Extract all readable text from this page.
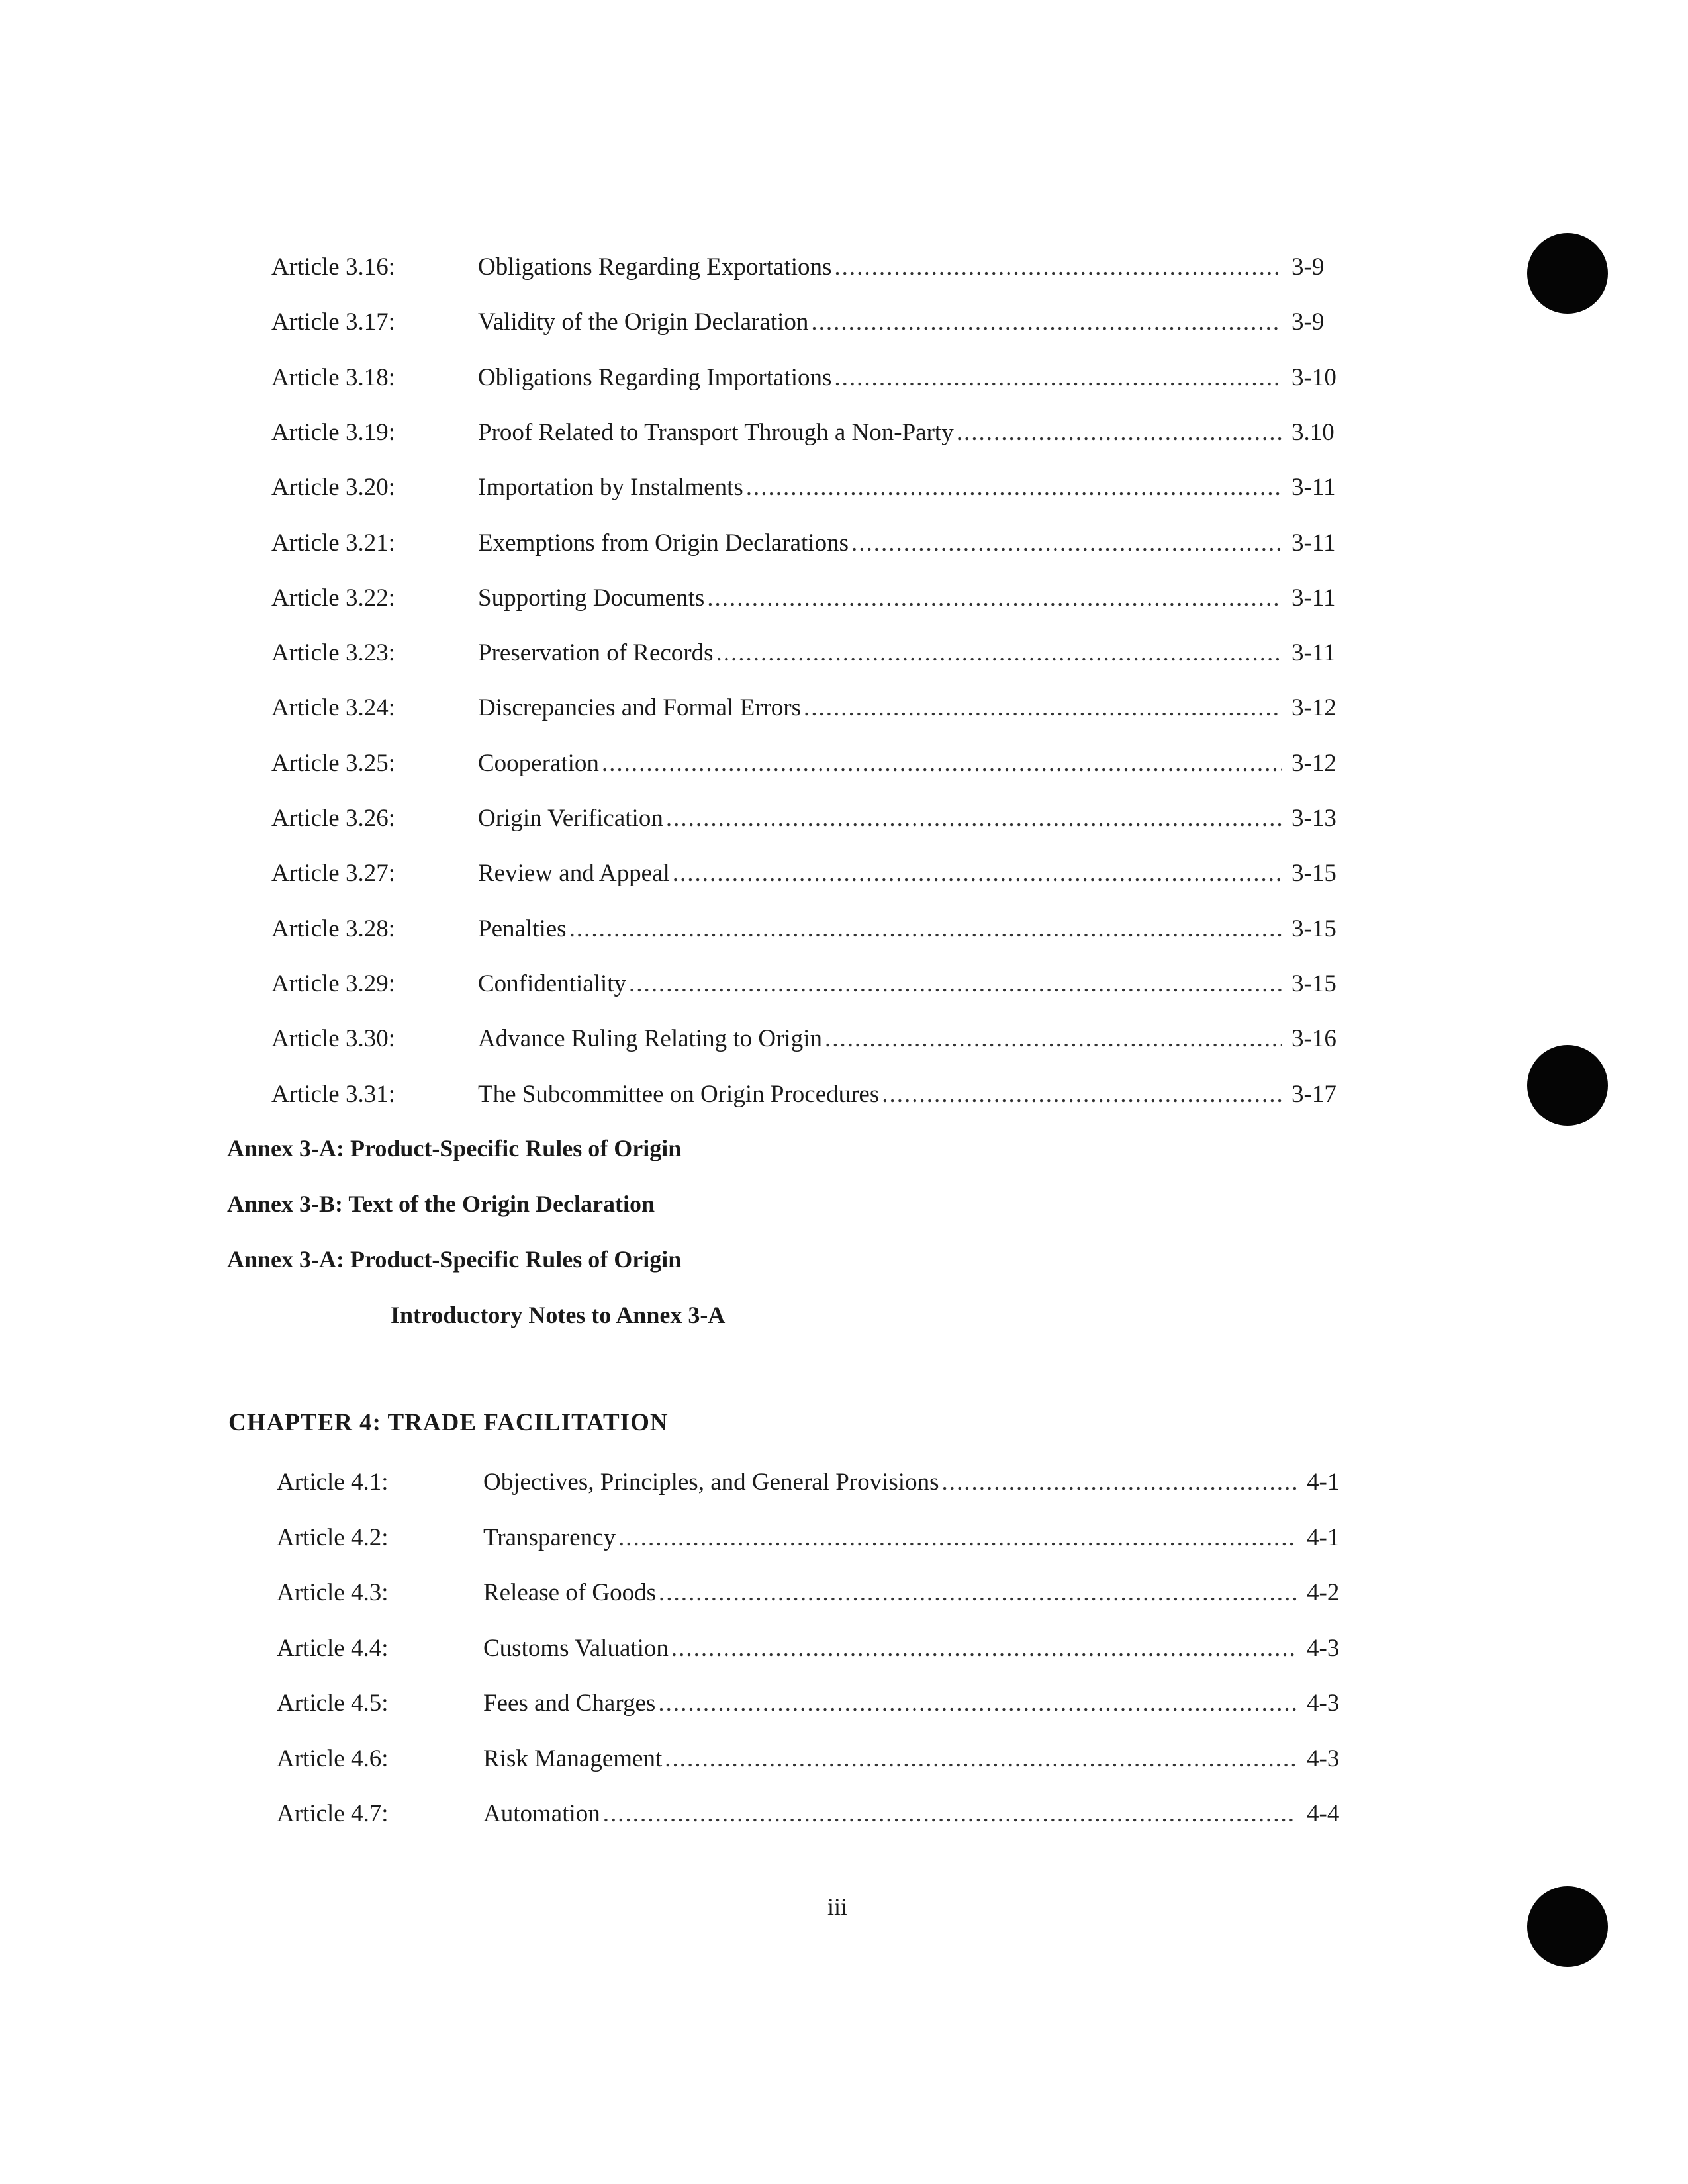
Article 3.16:	Obligations Regarding Exportations .....	3-9
Article 3.17:	Validity of the Origin Declaration .....	3-9
Article 3.18:	Obligations Regarding Importations .....	3-10
Article 3.19:	Proof Related to Transport Through a Non-Party .....	3.10
Article 3.20:	Importation by Instalments .....	3-11
Article 3.21:	Exemptions from Origin Declarations .....	3-11
Article 3.22:	Supporting Documents .....	3-11
Article 3.23:	Preservation of Records .....	3-11
Article 3.24:	Discrepancies and Formal Errors .....	3-12
Article 3.25:	Cooperation .....	3-12
Article 3.26:	Origin Verification .....	3-13
Article 3.27:	Review and Appeal .....	3-15
Article 3.28:	Penalties .....	3-15
Article 3.29:	Confidentiality .....	3-15
Article 3.30:	Advance Ruling Relating to Origin .....	3-16
Article 3.31:	The Subcommittee on Origin Procedures .....	3-17
Annex 3-A: Product-Specific Rules of Origin
Annex 3-B: Text of the Origin Declaration
Annex 3-A: Product-Specific Rules of Origin
Introductory Notes to Annex 3-A
CHAPTER 4: TRADE FACILITATION
Article 4.1:	Objectives, Principles, and General Provisions .....	4-1
Article 4.2:	Transparency .....	4-1
Article 4.3:	Release of Goods .....	4-2
Article 4.4:	Customs Valuation .....	4-3
Article 4.5:	Fees and Charges .....	4-3
Article 4.6:	Risk Management .....	4-3
Article 4.7:	Automation .....	4-4
iii
